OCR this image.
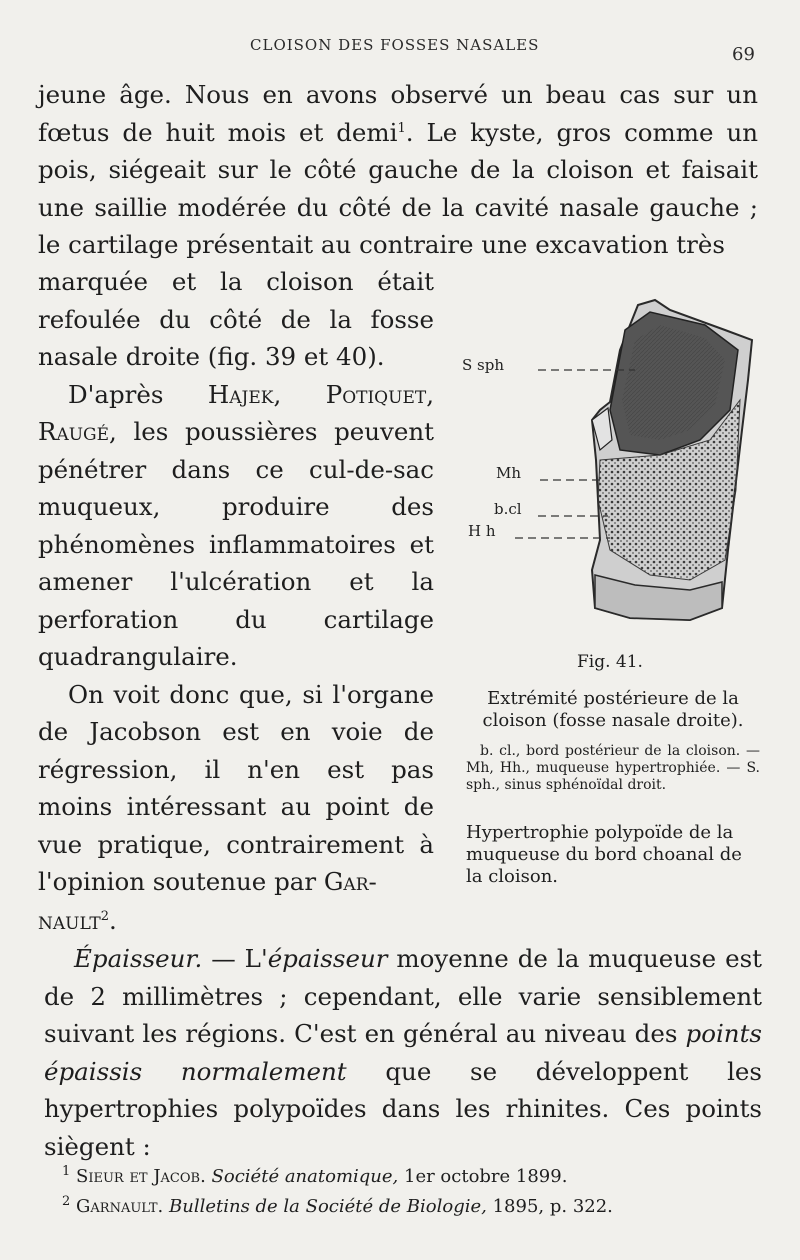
CLOISON DES FOSSES NASALES	69

jeune âge. Nous en avons observé un beau cas sur un fœtus de huit mois et demi$^1$. Le kyste, gros comme un pois, siégeait sur le côté gauche de la cloison et faisait une saillie modérée du côté de la cavité nasale gauche ; le cartilage présentait au contraire une excavation très

marquée et la cloison était refoulée du côté de la fosse nasale droite (fig. 39 et 40).

D'après Hajek, Potiquet, Raugé, les poussières peuvent pénétrer dans ce cul-de-sac muqueux, produire des phénomènes inflammatoires et amener l'ulcération et la perforation du cartilage quadrangulaire.

On voit donc que, si l'organe de Jacobson est en voie de régression, il n'en est pas moins intéressant au point de vue pratique, contrairement à l'opinion soutenue par Gar-

nault$^2$.
S sph
Mh
b.cl
H h
Fig. 41.
Extrémité postérieure de la cloison (fosse nasale droite).
b. cl., bord postérieur de la cloison. — Mh, Hh., muqueuse hypertrophiée. — S. sph., sinus sphénoïdal droit.
Hypertrophie polypoïde de la muqueuse du bord choanal de la cloison.

Épaisseur. — L'épaisseur moyenne de la muqueuse est de 2 millimètres ; cependant, elle varie sensiblement suivant les régions. C'est en général au niveau des points épaissis normalement que se développent les hypertrophies polypoïdes dans les rhinites. Ces points siègent :

$^1$ Sieur et Jacob. Société anatomique, 1er octobre 1899.

$^2$ Garnault. Bulletins de la Société de Biologie, 1895, p. 322.
